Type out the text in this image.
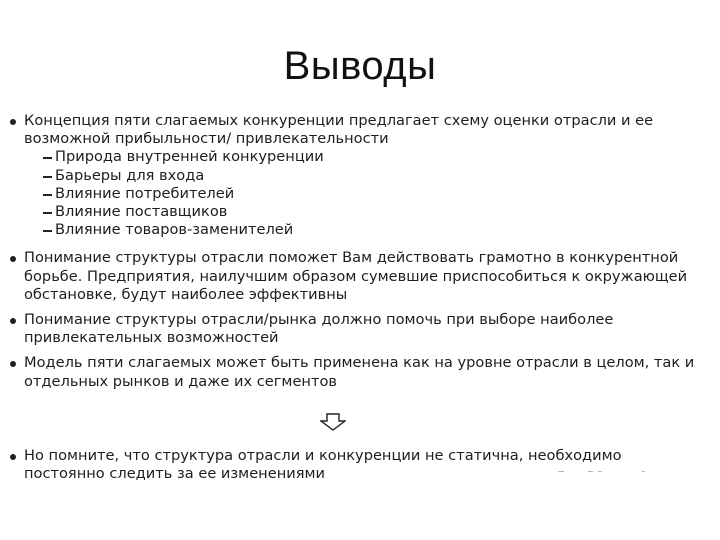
Выводы
Концепция пяти слагаемых конкуренции предлагает схему оценки отрасли и ее возможной прибыльности/ привлекательности
Природа внутренней конкуренции
Барьеры для входа
Влияние потребителей
Влияние поставщиков
Влияние товаров-заменителей
Понимание структуры отрасли поможет Вам действовать грамотно в конкурентной борьбе. Предприятия, наилучшим образом сумевшие приспособиться к окружающей обстановке, будут наиболее эффективны
Понимание структуры отрасли/рынка должно помочь при выборе наиболее привлекательных возможностей
Модель пяти слагаемых может быть применена как на уровне отрасли в целом, так и отдельных рынков и даже их сегментов
Но помните, что структура отрасли и конкуренции не статична, необходимо постоянно следить за ее изменениями
